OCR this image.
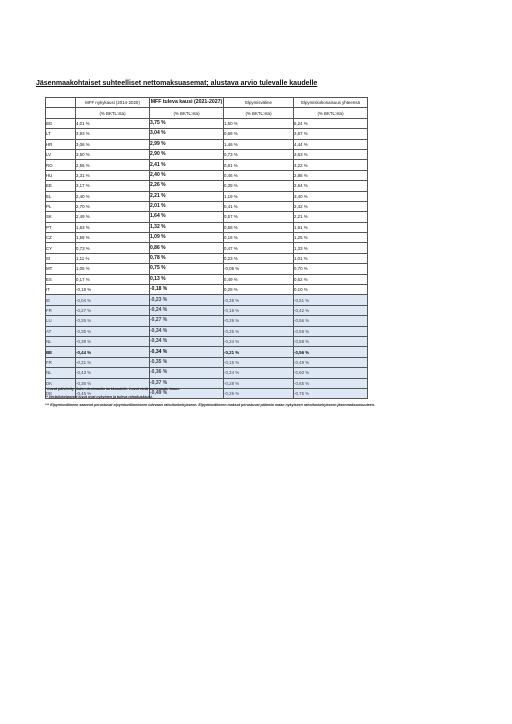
Jäsenmaakohtaiset suhteelliset nettomaksuasemat; alustava arvio tulevalle kaudelle
	MFF nykykausi (2014-2020)	MFF tuleva kausi (2021-2027)	Elpymisväline	Elpymiskokonaisuus yhteensä
	(% BKTL:sta)	(% BKTL:sta)	(% BKTL:sta)	(% BKTL:sta)
BG	4,01 %	3,75 %	1,50 %	5,24 %
LT	3,93 %	3,04 %	0,68 %	3,67 %
HR	3,06 %	2,99 %	1,46 %	4,44 %
LV	3,50 %	2,90 %	0,73 %	3,63 %
RO	2,56 %	2,41 %	0,81 %	3,22 %
HU	3,31 %	2,40 %	0,46 %	2,86 %
EE	3,17 %	2,26 %	0,39 %	2,64 %
EL	2,40 %	2,21 %	1,19 %	3,40 %
PL	2,70 %	2,01 %	0,41 %	2,42 %
SK	2,49 %	1,64 %	0,57 %	2,21 %
PT	1,63 %	1,32 %	0,58 %	1,91 %
CZ	1,59 %	1,09 %	0,16 %	1,25 %
CY	0,73 %	0,86 %	0,47 %	1,33 %
SI	1,11 %	0,78 %	0,23 %	1,01 %
MT	1,05 %	0,75 %	-0,05 %	0,70 %
ES	0,17 %	0,13 %	0,49 %	0,62 %
IT	-0,19 %	-0,18 %	0,28 %	0,10 %
IE	-0,04 %	-0,23 %	-0,28 %	-0,51 %
FR	-0,27 %	-0,24 %	-0,18 %	-0,42 %
LU	-0,26 %	-0,27 %	-0,29 %	-0,56 %
AT	-0,35 %	-0,34 %	-0,25 %	-0,59 %
NL	-0,39 %	-0,34 %	-0,24 %	-0,58 %
BE	-0,44 %	-0,34 %	-0,21 %	-0,56 %
FR	-0,31 %	-0,35 %	-0,15 %	-0,49 %
NL	-0,43 %	-0,36 %	-0,24 %	-0,60 %
DK	-0,36 %	-0,37 %	-0,28 %	-0,65 %
DE	-0,46 %	-0,49 %	-0,26 %	-0,75 %
* Luvut päivitetty yhden desimaalin tarkkuudelle. Luvut eivät summaudu tasan.
** Vertailukelpoiset luvut ovat nykyinen ja tuleva rahoituskausi.
*** Elpymisvälineen saannot perustuvat elpymisvälineeseen tulevaan rahoituskehykseen. Elpymisvälineen maksut perustuvat pääosin maan nykyiseen rahoituskehykseen jäsenmaksuosuuteen.
